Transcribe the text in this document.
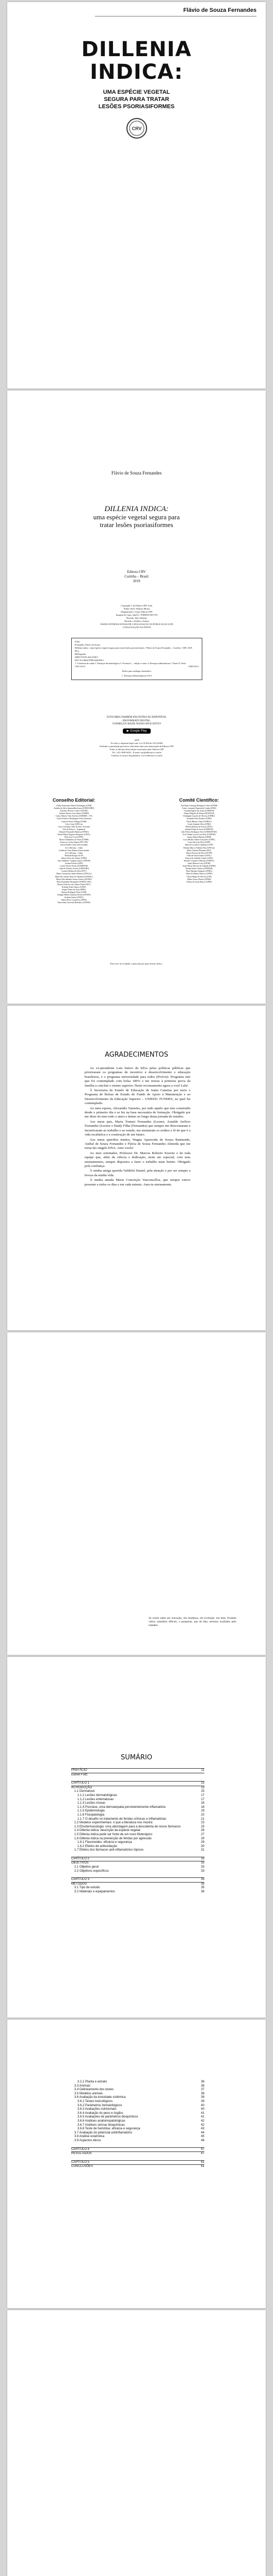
Flávio de Souza Fernandes
DILLENIA
INDICA:
UMA ESPÉCIE VEGETAL
SEGURA PARA TRATAR
LESÕES PSORIASIFORMES
CRV
Flávio de Souza Fernandes
DILLENIA INDICA:
uma espécie vegetal segura para
tratar lesões psoriasiformes
Editora CRV
Curitiba – Brasil
2019
Copyright © da Editora CRV Ltda.
Editor-chefe: Railson Moura
Diagramação e Capa: Editora CRV
Imagem de Capa: tabaYo / FOREDA DUTTA
Revisão: Inês Ademari
Revisão e Análise a Autora
DADOS INTERNACIONAIS DE CATALOGAÇÃO NA PUBLICAÇÃO (CIP)
CATALOGAÇÃO NA FONTE
F363
Fernandes, Flávio de Souza.
Dillenia indica : uma espécie vegetal segura para tratar lesões psoriasiformes / Flávio de Souza Fernandes – Curitiba : CRV, 2019.
80 p.
Bibliografia
ISBN 978-85-444-3398-1
DOI 10.24824/978854443398.1
1. Cobertura de saúde 2. Doenças dermatológicas 3. Psoríase I. – edição e autor 4. Doenças inflamatórias I. Título II. Série.
CDU 616.5	CDD 616.5
Índice para catálogo sistemático
1. Doenças dermatológicas 616.5
ESTA OBRA TAMBÉM ENCONTRA-SE DISPONÍVEL
EM FORMATO DIGITAL.
CONHEÇA E BAIXE NOSSO APLICATIVO!
▶ Google Play
2019
Foi feito o depósito legal conf. Lei 10.994 de 14/12/2004
Proibida a reprodução parcial ou total desta obra sem autorização da Editora CRV
Todos os direitos desta edição reservados pela: Editora CRV
Tel.: (41) 3039-6418 – E-mail: sac@editoracrv.com.br
Conheça os nossos lançamentos: www.editoracrv.com.br
Conselho Editorial:
Aldira Guimarães Duarte Domínguez (UNB)
Andréia da Silva Quintanilha Sousa (UNIR/UFRN)
Anselmo Alencar Colares (UFOPA)
Antônio Pereira Gaio Júnior (UFRRJ)
Carlos Alberto Vilar Estêvão (UMINHO – PT)
Carlos Federico Domínguez Avila (Unieuro)
Carmen Tereza Velanga (UNIR)
Celso Conti (UFSCar)
Cesar Gerónimo Tello (Univer. Nacional
Três de Febrero – Argentina)
Eduardo Fernandes Barbosa (UFMG)
Elione Maria Nogueira Diogenes (UFAL)
Élsio José Corá (UFFS)
Elizeu Clementino de Souza (UNEB)
Francisco Carlos Duarte (PUC-PR)
Gloria Fariñas León (Universidade
de La Havana – Cuba)
Guillermo Arias Beatón (Universidade
de La Havana – Cuba)
Helmuth Krüger (UCP)
Jailson Alves dos Santos (UFRJ)
João Adalberto Campato Junior (UNESP)
Josania Portela (UFPI)
Leonel Severo Rocha (UNISINOS)
Lídia de Oliveira Xavier (UNIEURO)
Lourdes Helena da Silva (UFV)
Maria Cristina dos Santos Bezerra (UFSCar)
Maria de Lourdes Pinto de Almeida (UNOESC)
Maria Lília Imbiriba Sousa Colares (UFOPA)
Paulo Romualdo Hernandes (UNIFAL-MG)
Renato Francisco dos Santos Paula (UFG)
Rodrigo Pratte-Santos (UFES)
Sérgio Nunes de Jesus (IFRO)
Simone Rodrigues Pinto (UNB)
Solange Helena Ximenes-Rocha (UFOPA)
Sydione Santos (UEPG)
Tadeu Oliver Gonçalves (UFPA)
Tania Suely Azevedo Brasileiro (UFOPA)
Comitê Científico:
Ana Paula Camargo Rodrigues Vieira (UFSM)
Carlos Leonardo Figueiredo Cunha (UFRJ)
Claudia Regina dos Anjos (UNIFESP)
Eliane Delgado de Moura (FIOCRUZ)
Elisângela Lizardo de Oliveira (UFMG)
Fernanda Pires Romero (UFRJ)
Flávia Ribeiro Viana (UNIFAL)
Gisele Andrade Silva (UFRJ)
Helena Barbosa de Souza (UFCE)
Janaína Felipe de Jesus (UNIFESP)
João Felício Rodrigues Neto (UNIMONTES)
José Cláudio Garcia Lira Neto (UNIFOR)
Jussara Maria Martins (UEPB)
Lucia Hisako Takase Gonçalves (UFPA)
Luiza Alves da Silva (UFPI)
Maria de Lourdes Caltabiano (UFF)
Marina Marcos Valentin Dias (UFSCar)
Mário Antônio Baraúna (UFU)
Mayra Ferreira da Silva (UFTM)
Otília de Souza Santos (UFAL)
Patricia de Andrade Gomes (UFSJ)
Ricardo Gonçalves Martins (UNIFAL)
Saulo Bezerra Leite (UFOB)
Sonia Maria Oliveira de Andrade (UFMS)
Tatiana Kelly Cardoso (UNIFESP)
Thaís Marques Sampaio (UFMG)
Vânia de Fátima Tiburcio (UFPE)
Vitória Régia de Oliveira (UFF)
Walter Soares Pereira (UFMS)
Wilson de Souza Barros (UFRJ)
Este livro foi avaliado e aprovado por pareceristas ad hoc.
AGRADECIMENTOS

Ao ex-presidente Luiz Inácio da Silva pelas políticas públicas que priorizaram os programas de incentivo à desenvolvimento e educação brasileiros, e o programa universidade para todos (ProUni). Programa este que foi contemplado com bolsa 100% e me trouxe à primeira prova da família a concluir o ensino superior. Neste reconsamento agora a você Lula!

À Secretaria de Estado de Educação de Santa Catarina por meio o Programa de Bolsas de Estudo do Fundo de Apoio à Manutenção e ao Desenvolvimento da Educação Superior – UNIEDU FUNDES, no qual fui contemplado.

Ao meu esposo, Alexandre Vanzetto, por tudo aquilo que tem construído desde o primeiro dia e se fez na base necessária de formação. Obrigado por me dizer do meu todo o amor e ânimo ao longo desta jornada de estudos.

Aos meus pais, Maria Tomazi Fernandes (Leonor, Arnaldo Jorlício Fernandes (Leonor e Haidy Filha (Fernandes) que sempre me direcionaram e incentivaram ao trabalho e ao estudo, me ensinaram os sonhos e fé de que é a vida escabárica e a construção de um futuro.

Aos meus queridos irmãos, Wagna Aparecida de Souza Raimundo, Anibal de Souza Fernandes e Flávia de Souza Fernandes Almeida que me torna tão singelo DNA. Amo vocês!

Ao meu orientador, Professor Dr. Marcus Roberto Kravitz e de toda equipe que, além da ciência e dedicação, neste ato especial, com seus ensinamentos, sempre dispostos a fazer o trabalho mais bonito. Obrigado pela confiança.

À minha amiga querida Valdirlei Daniel, pela atenção e por ser sempre a leveza da minha vida.

À minha amada Maria Conceição Vasconcellos, que sempre esteve presente a todos os dias e em cada minuto. Amo-te eternamente.

Se existe saber em inovação, em mudança, em evolução, em bem, Existem vários caminhos difíceis, e pesquisas, que de fato, seremos avaliados pelo trabalho.
SUMÁRIO
PREFÁCIO	11
Daniel Foltz
CAPÍTULO 1	13
INTRODUÇÃO	13
1.1 Dermatose	15
1.1.1 Lesões dermatológicas	17
1.1.2 Lesões eritematosas	17
1.1.3 Lesões róseas	18
1.1.4 Psoríase, uma dermatopatia persistentemente inflamatória	18
1.1.5 Epidemiologia	19
1.1.6 Fisiopatologia	20
1.1.7 O desafio no tratamento de feridas crônicas e inflamatórias	21
1.2 Modelos experimentais: o que a literatura nos mostra	23
1.3 Etnofarmacologia: uma abordagem para a descoberta de novos fármacos	25
1.4 Dillenia indica: descrição da espécie vegetal	26
1.5 Dillenia indica pode ser fonte de um novo fitoterápico	27
1.6 Dillenia indica na prevenção de feridas por agressão	29
1.6.1 Flavonoides: eficácia e segurança	29
1.6.2 Efeitos de antioxidação	30
1.7 Efeitos dos fármacos anti-inflamatórios tópicos	31
CAPÍTULO 2	33
OBJETIVOS	33
2.1 Objetivo geral	33
2.2 Objetivos específicos	33
CAPÍTULO 3	35
MÉTODOS	35
3.1 Tipo de estudo	35
3.2 Materiais e equipamentos	36
3.2.1 Planta e extrato	36
3.3 Animais	36
3.4 Delineamento dos testes	37
3.5 Modelos animais	38
3.6 Avaliação da toxicidade sistêmica	39
3.6.1 Testes toxicológicos	39
3.6.2 Parâmetros hematológicos	40
3.6.3 Avaliações nutricionais	40
3.6.4 Avaliação do peso e órgãos	41
3.6.5 Avaliações de parâmetros bioquímicos	41
3.6.6 Análises anatomopatológicas	42
3.6.7 Análises séricas bioquímicas	42
3.6.8 Teste de hemólise, eficácia e segurança	43
3.7 Avaliação do potencial antiinflamatório	44
3.8 Análise estatística	45
3.9 Aspectos éticos	46
CAPÍTULO 4	47
RESULTADOS	47
CAPÍTULO 5	61
CONCLUSÕES	61
